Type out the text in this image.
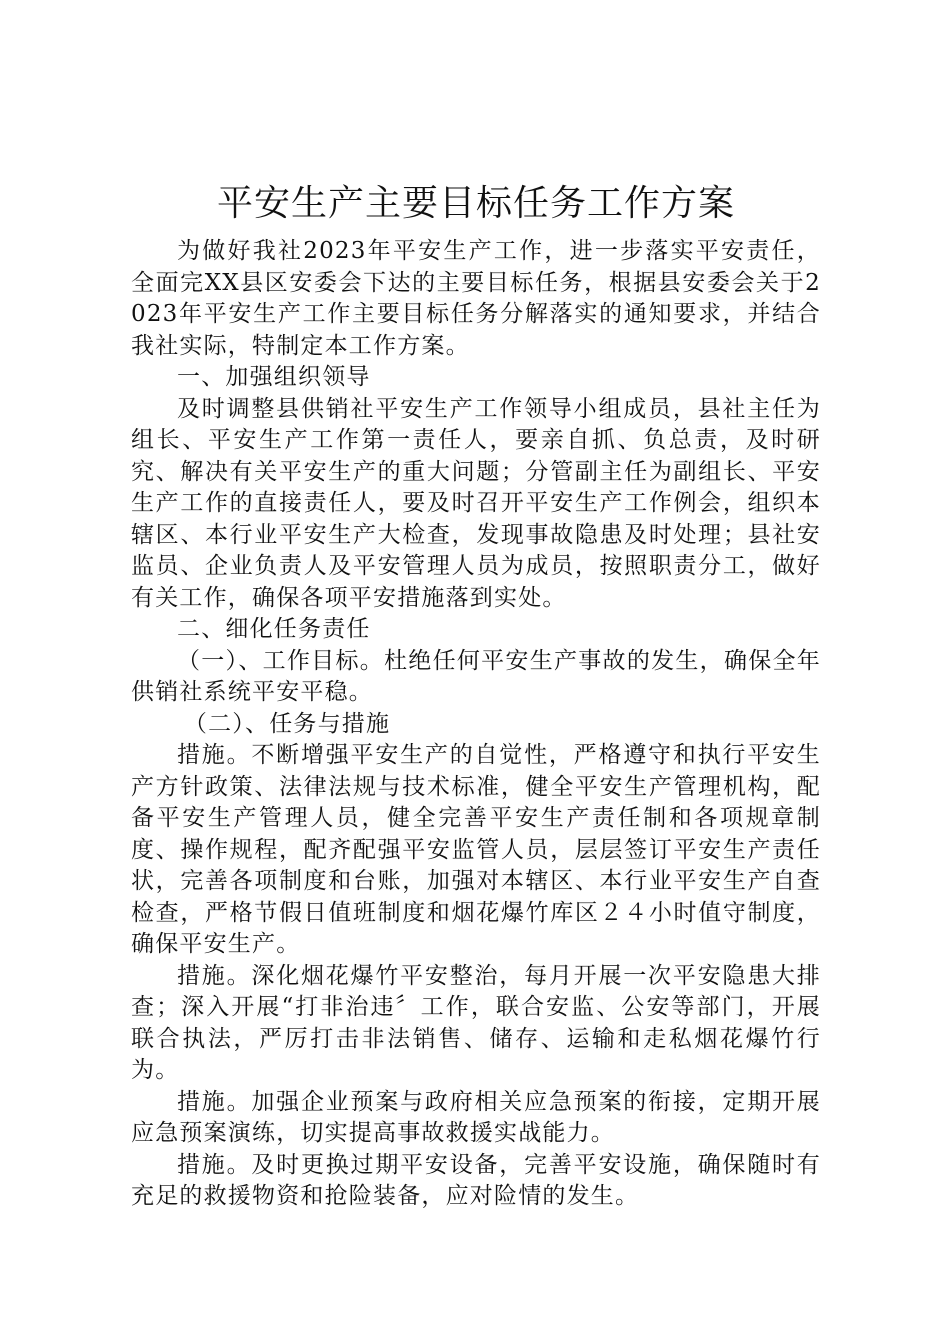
平安生产主要目标任务工作方案

为做好我社2023年平安生产工作，进一步落实平安责任，全面完XX县区安委会下达的主要目标任务，根据县安委会关于2023年平安生产工作主要目标任务分解落实的通知要求，并结合我社实际，特制定本工作方案。

一、加强组织领导

及时调整县供销社平安生产工作领导小组成员，县社主任为组长、平安生产工作第一责任人，要亲自抓、负总责，及时研究、解决有关平安生产的重大问题；分管副主任为副组长、平安生产工作的直接责任人，要及时召开平安生产工作例会，组织本辖区、本行业平安生产大检查，发现事故隐患及时处理；县社安监员、企业负责人及平安管理人员为成员，按照职责分工，做好有关工作，确保各项平安措施落到实处。

二、细化任务责任

（一）、工作目标。杜绝任何平安生产事故的发生，确保全年供销社系统平安平稳。

（二）、任务与措施

措施。不断增强平安生产的自觉性，严格遵守和执行平安生产方针政策、法律法规与技术标准，健全平安生产管理机构，配备平安生产管理人员，健全完善平安生产责任制和各项规章制度、操作规程，配齐配强平安监管人员，层层签订平安生产责任状，完善各项制度和台账，加强对本辖区、本行业平安生产自查检查，严格节假日值班制度和烟花爆竹库区２４小时值守制度，确保平安生产。

措施。深化烟花爆竹平安整治，每月开展一次平安隐患大排查；深入开展“打非治违〞工作，联合安监、公安等部门，开展联合执法，严厉打击非法销售、储存、运输和走私烟花爆竹行为。

措施。加强企业预案与政府相关应急预案的衔接，定期开展应急预案演练，切实提高事故救援实战能力。

措施。及时更换过期平安设备，完善平安设施，确保随时有充足的救援物资和抢险装备，应对险情的发生。
